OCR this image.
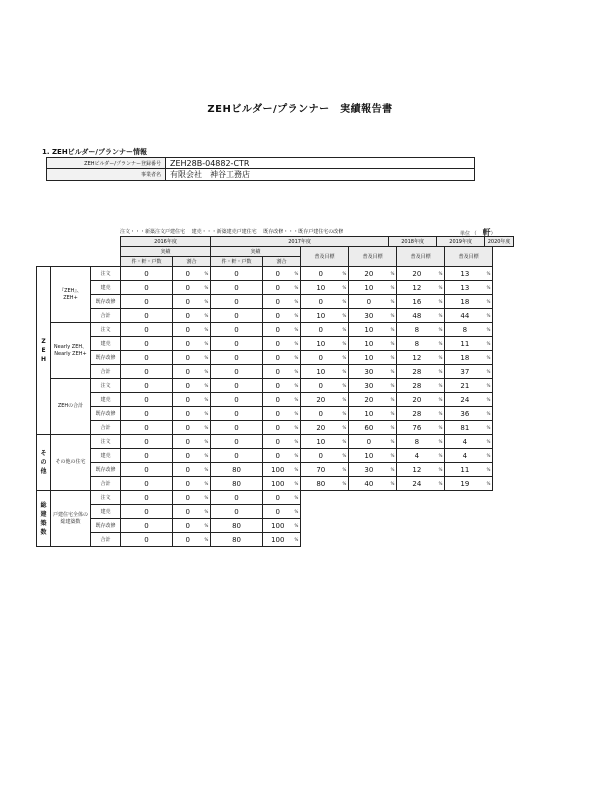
ZEHビルダー/プランナー　実績報告書
1. ZEHビルダー/プランナー情報
ZEHビルダー/プランナー登録番号	ZEH28B-04882-CTR
事業者名	有限会社　神谷工務店
注文・・・新築注文戸建住宅　 建売・・・新築建売戸建住宅　 既存改修・・・既存戸建住宅の改修	単位 （ 軒）
			2016年度			2017年度						2018年度		2019年度		2020年度
			実績			実績			普及目標		普及目標		普及目標		普及目標	
			件・軒・戸数	割合		件・軒・戸数	割合									

Z
E
H	『ZEH』、ZEH+	注文	0	0	%	0	0	%	0	%	20	%	20	%	13	%
		建売	0	0	%	0	0	%	10	%	10	%	12	%	13	%
		既存改修	0	0	%	0	0	%	0	%	0	%	16	%	18	%
		合計	0	0	%	0	0	%	10	%	30	%	48	%	44	%
	Nearly ZEH、Nearly ZEH+	注文	0	0	%	0	0	%	0	%	10	%	8	%	8	%
		建売	0	0	%	0	0	%	10	%	10	%	8	%	11	%
		既存改修	0	0	%	0	0	%	0	%	10	%	12	%	18	%
		合計	0	0	%	0	0	%	10	%	30	%	28	%	37	%
	ZEHの合計	注文	0	0	%	0	0	%	0	%	30	%	28	%	21	%
		建売	0	0	%	0	0	%	20	%	20	%	20	%	24	%
		既存改修	0	0	%	0	0	%	0	%	10	%	28	%	36	%
		合計	0	0	%	0	0	%	20	%	60	%	76	%	81	%

そ
の
他	その他の住宅	注文	0	0	%	0	0	%	10	%	0	%	8	%	4	%
		建売	0	0	%	0	0	%	0	%	10	%	4	%	4	%
		既存改修	0	0	%	80	100	%	70	%	30	%	12	%	11	%
		合計	0	0	%	80	100	%	80	%	40	%	24	%	19	%

総
建
築
数	戸建住宅全体の総建築数	注文	0	0	%	0	0	%								
		建売	0	0	%	0	0	%								
		既存改修	0	0	%	80	100	%								
		合計	0	0	%	80	100	%								
